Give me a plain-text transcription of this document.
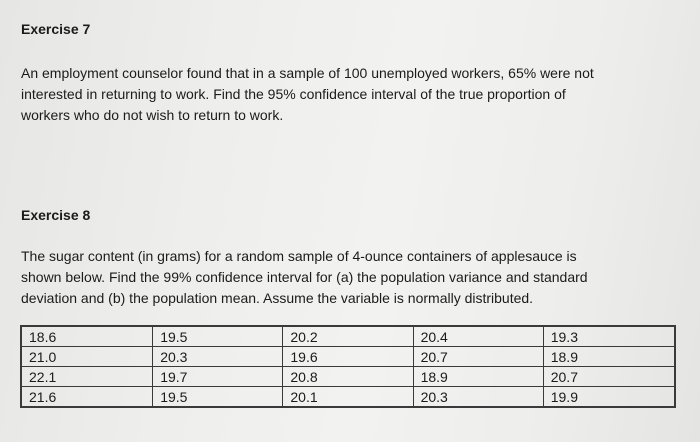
Exercise 7

An employment counselor found that in a sample of 100 unemployed workers, 65% were not
interested in returning to work. Find the 95% confidence interval of the true proportion of
workers who do not wish to return to work.

Exercise 8

The sugar content (in grams) for a random sample of 4-ounce containers of applesauce is
shown below. Find the 99% confidence interval for (a) the population variance and standard
deviation and (b) the population mean. Assume the variable is normally distributed.

18.6	19.5	20.2	20.4	19.3
21.0	20.3	19.6	20.7	18.9
22.1	19.7	20.8	18.9	20.7
21.6	19.5	20.1	20.3	19.9
